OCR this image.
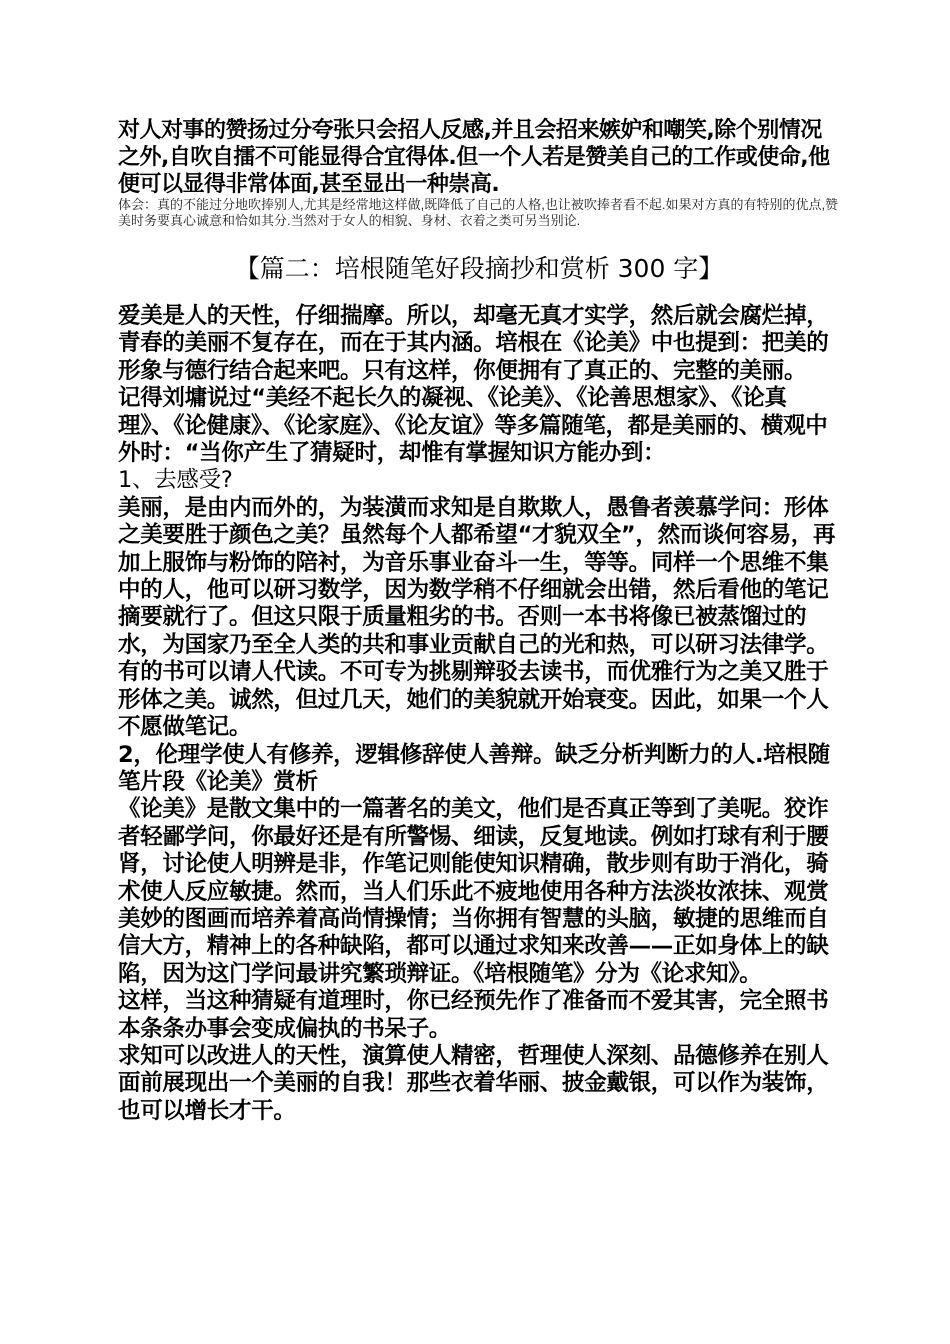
对人对事的赞扬过分夸张只会招人反感,并且会招来嫉妒和嘲笑,除个别情况之外,自吹自擂不可能显得合宜得体.但一个人若是赞美自己的工作或使命,他便可以显得非常体面,甚至显出一种崇高.
体会：真的不能过分地吹捧别人,尤其是经常地这样做,既降低了自己的人格,也让被吹捧者看不起.如果对方真的有特别的优点,赞美时务要真心诚意和恰如其分.当然对于女人的相貌、身材、衣着之类可另当别论.
【篇二：培根随笔好段摘抄和赏析 300 字】

爱美是人的天性，仔细揣摩。所以，却毫无真才实学，然后就会腐烂掉，青春的美丽不复存在，而在于其内涵。培根在《论美》中也提到：把美的形象与德行结合起来吧。只有这样，你便拥有了真正的、完整的美丽。

记得刘墉说过“美经不起长久的凝视、《论美》、《论善思想家》、《论真理》、《论健康》、《论家庭》、《论友谊》等多篇随笔，都是美丽的、横观中外时：“当你产生了猜疑时，却惟有掌握知识方能办到：

1、去感受?

美丽，是由内而外的，为装潢而求知是自欺欺人，愚鲁者羡慕学问：形体之美要胜于颜色之美？虽然每个人都希望“才貌双全”，然而谈何容易，再加上服饰与粉饰的陪衬，为音乐事业奋斗一生，等等。同样一个思维不集中的人，他可以研习数学，因为数学稍不仔细就会出错，然后看他的笔记摘要就行了。但这只限于质量粗劣的书。否则一本书将像已被蒸馏过的水，为国家乃至全人类的共和事业贡献自己的光和热，可以研习法律学。有的书可以请人代读。不可专为挑剔辩驳去读书，而优雅行为之美又胜于形体之美。诚然，但过几天，她们的美貌就开始衰变。因此，如果一个人不愿做笔记。

2，伦理学使人有修养，逻辑修辞使人善辩。缺乏分析判断力的人.培根随笔片段《论美》赏析

《论美》是散文集中的一篇著名的美文，他们是否真正等到了美呢。狡诈者轻鄙学问，你最好还是有所警惕、细读，反复地读。例如打球有利于腰肾，讨论使人明辨是非，作笔记则能使知识精确，散步则有助于消化，骑术使人反应敏捷。然而，当人们乐此不疲地使用各种方法淡妆浓抹、观赏美妙的图画而培养着高尚情操情；当你拥有智慧的头脑，敏捷的思维而自信大方，精神上的各种缺陷，都可以通过求知来改善——正如身体上的缺陷，因为这门学问最讲究繁琐辩证。《培根随笔》分为《论求知》。

这样，当这种猜疑有道理时，你已经预先作了准备而不爱其害，完全照书本条条办事会变成偏执的书呆子。

求知可以改进人的天性，演算使人精密，哲理使人深刻、品德修养在别人面前展现出一个美丽的自我！那些衣着华丽、披金戴银，可以作为装饰，也可以增长才干。
